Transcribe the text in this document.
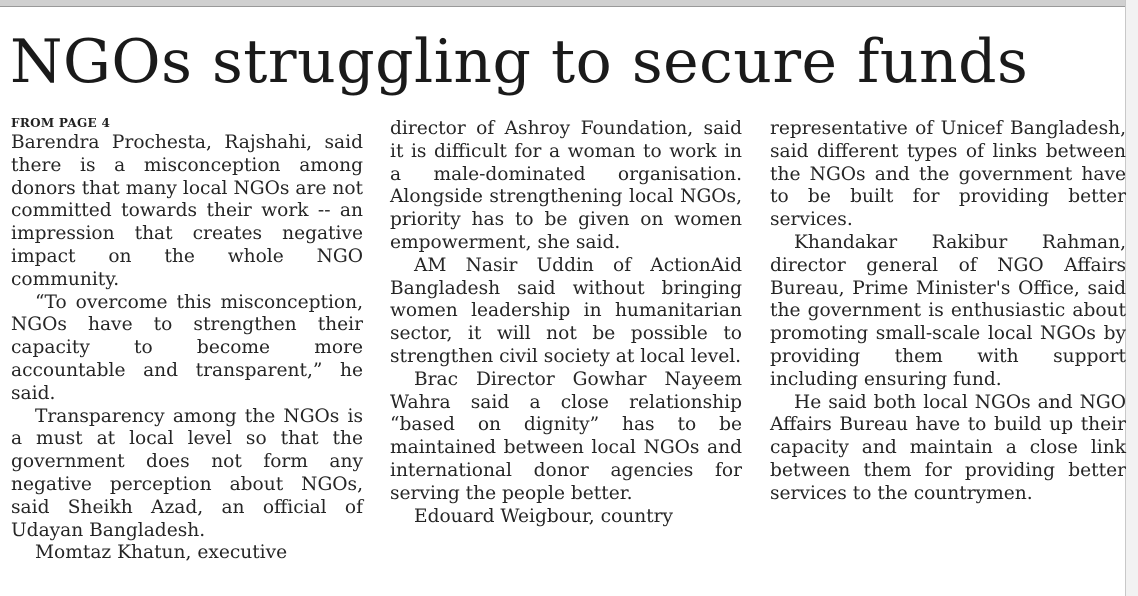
NGOs struggling to secure funds
FROM PAGE 4

Barendra Prochesta, Rajshahi, said there is a misconception among donors that many local NGOs are not committed towards their work -- an impression that creates negative impact on the whole NGO community.

“To overcome this misconception, NGOs have to strengthen their capacity to become more accountable and transparent,” he said.

Transparency among the NGOs is a must at local level so that the government does not form any negative perception about NGOs, said Sheikh Azad, an official of Udayan Bangladesh.

Momtaz Khatun, executive

director of Ashroy Foundation, said it is difficult for a woman to work in a male-dominated organisation. Alongside strengthening local NGOs, priority has to be given on women empowerment, she said.

AM Nasir Uddin of ActionAid Bangladesh said without bringing women leadership in humanitarian sector, it will not be possible to strengthen civil society at local level.

Brac Director Gowhar Nayeem Wahra said a close relationship “based on dignity” has to be maintained between local NGOs and international donor agencies for serving the people better.

Edouard Weigbour, country

representative of Unicef Bangladesh, said different types of links between the NGOs and the government have to be built for providing better services.

Khandakar Rakibur Rahman, director general of NGO Affairs Bureau, Prime Minister's Office, said the government is enthusiastic about promoting small-scale local NGOs by providing them with support including ensuring fund.

He said both local NGOs and NGO Affairs Bureau have to build up their capacity and maintain a close link between them for providing better services to the countrymen.
